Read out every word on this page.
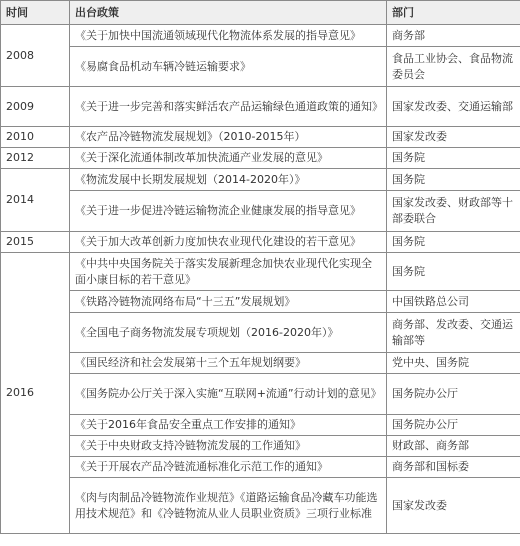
时间	出台政策	部门
2008	《关于加快中国流通领域现代化物流体系发展的指导意见》	商务部
	《易腐食品机动车辆冷链运输要求》	食品工业协会、食品物流委员会
2009	《关于进一步完善和落实鲜活农产品运输绿色通道政策的通知》	国家发改委、交通运输部
2010	《农产品冷链物流发展规划》（2010-2015年）	国家发改委
2012	《关于深化流通体制改革加快流通产业发展的意见》	国务院
2014	《物流发展中长期发展规划（2014-2020年）》	国务院
	《关于进一步促进冷链运输物流企业健康发展的指导意见》	国家发改委、财政部等十部委联合
2015	《关于加大改革创新力度加快农业现代化建设的若干意见》	国务院
2016	《中共中央国务院关于落实发展新理念加快农业现代化实现全面小康目标的若干意见》	国务院
	《铁路冷链物流网络布局“十三五”发展规划》	中国铁路总公司
	《全国电子商务物流发展专项规划（2016-2020年）》	商务部、发改委、交通运输部等
	《国民经济和社会发展第十三个五年规划纲要》	党中央、国务院
	《国务院办公厅关于深入实施“互联网+流通”行动计划的意见》	国务院办公厅
	《关于2016年食品安全重点工作安排的通知》	国务院办公厅
	《关于中央财政支持冷链物流发展的工作通知》	财政部、商务部
	《关于开展农产品冷链流通标准化示范工作的通知》	商务部和国标委
	《肉与肉制品冷链物流作业规范》《道路运输食品冷藏车功能选用技术规范》和《冷链物流从业人员职业资质》三项行业标准	国家发改委
